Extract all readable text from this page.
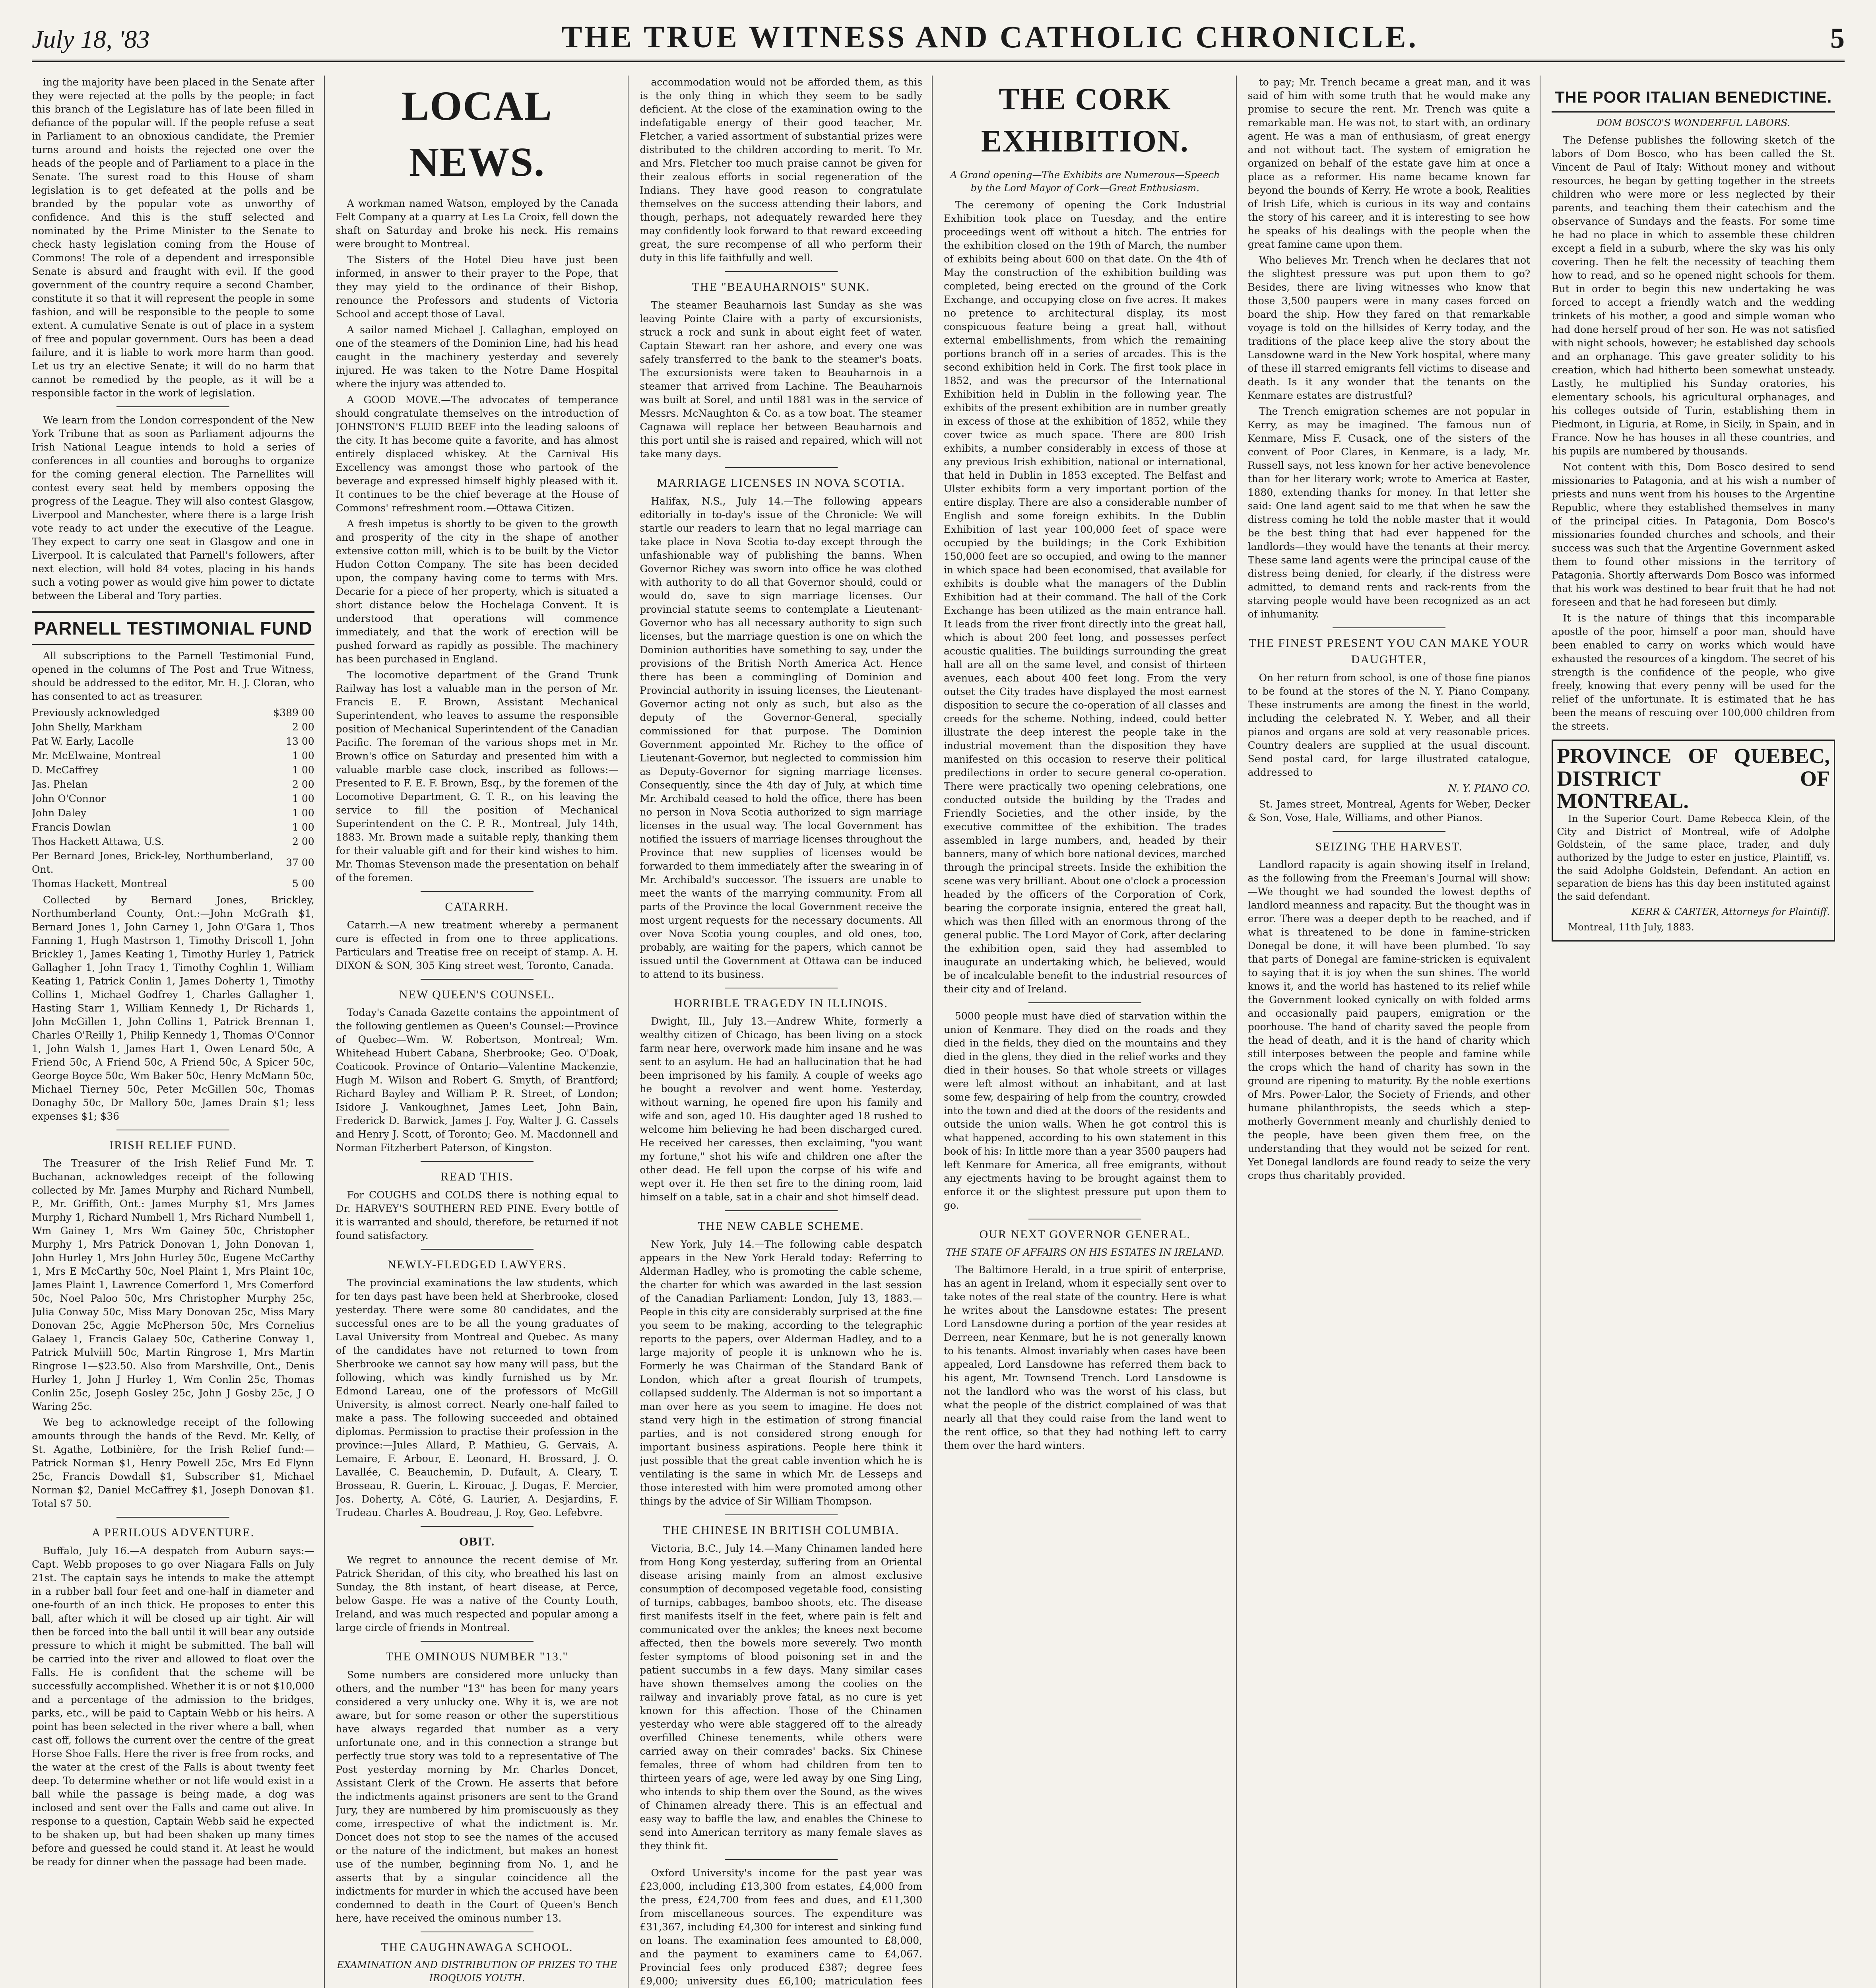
July 18, '83	THE TRUE WITNESS AND CATHOLIC CHRONICLE.	5

ing the majority have been placed in the Senate after they were rejected at the polls by the people; in fact this branch of the Legislature has of late been filled in defiance of the popular will. If the people refuse a seat in Parliament to an obnoxious candidate, the Premier turns around and hoists the rejected one over the heads of the people and of Parliament to a place in the Senate. The surest road to this House of sham legislation is to get defeated at the polls and be branded by the popular vote as unworthy of confidence. And this is the stuff selected and nominated by the Prime Minister to the Senate to check hasty legislation coming from the House of Commons! The role of a dependent and irresponsible Senate is absurd and fraught with evil. If the good government of the country require a second Chamber, constitute it so that it will represent the people in some fashion, and will be responsible to the people to some extent. A cumulative Senate is out of place in a system of free and popular government. Ours has been a dead failure, and it is liable to work more harm than good. Let us try an elective Senate; it will do no harm that cannot be remedied by the people, as it will be a responsible factor in the work of legislation.

We learn from the London correspondent of the New York Tribune that as soon as Parliament adjourns the Irish National League intends to hold a series of conferences in all counties and boroughs to organize for the coming general election. The Parnellites will contest every seat held by members opposing the progress of the League. They will also contest Glasgow, Liverpool and Manchester, where there is a large Irish vote ready to act under the executive of the League. They expect to carry one seat in Glasgow and one in Liverpool. It is calculated that Parnell's followers, after next election, will hold 84 votes, placing in his hands such a voting power as would give him power to dictate between the Liberal and Tory parties.

PARNELL TESTIMONIAL FUND

All subscriptions to the Parnell Testimonial Fund, opened in the columns of The Post and True Witness, should be addressed to the editor, Mr. H. J. Cloran, who has consented to act as treasurer.

Previously acknowledged	$389 00
John Shelly, Markham	2 00
Pat W. Early, Lacolle	13 00
Mr. McElwaine, Montreal	1 00
D. McCaffrey	1 00
Jas. Phelan	2 00
John O'Connor	1 00
John Daley	1 00
Francis Dowlan	1 00
Thos Hackett Attawa, U.S.	2 00
Per Bernard Jones, Brick-ley, Northumberland, Ont.	37 00
Thomas Hackett, Montreal	5 00

Collected by Bernard Jones, Brickley, Northumberland County, Ont.:—John McGrath $1, Bernard Jones 1, John Carney 1, John O'Gara 1, Thos Fanning 1, Hugh Mastrson 1, Timothy Driscoll 1, John Brickley 1, James Keating 1, Timothy Hurley 1, Patrick Gallagher 1, John Tracy 1, Timothy Coghlin 1, William Keating 1, Patrick Conlin 1, James Doherty 1, Timothy Collins 1, Michael Godfrey 1, Charles Gallagher 1, Hasting Starr 1, William Kennedy 1, Dr Richards 1, John McGillen 1, John Collins 1, Patrick Brennan 1, Charles O'Reilly 1, Philip Kennedy 1, Thomas O'Connor 1, John Walsh 1, James Hart 1, Owen Lenard 50c, A Friend 50c, A Friend 50c, A Friend 50c, A Spicer 50c, George Boyce 50c, Wm Baker 50c, Henry McMann 50c, Michael Tierney 50c, Peter McGillen 50c, Thomas Donaghy 50c, Dr Mallory 50c, James Drain $1; less expenses $1; $36

IRISH RELIEF FUND.

The Treasurer of the Irish Relief Fund Mr. T. Buchanan, acknowledges receipt of the following collected by Mr. James Murphy and Richard Numbell, P., Mr. Griffith, Ont.: James Murphy $1, Mrs James Murphy 1, Richard Numbell 1, Mrs Richard Numbell 1, Wm Gainey 1, Mrs Wm Gainey 50c, Christopher Murphy 1, Mrs Patrick Donovan 1, John Donovan 1, John Hurley 1, Mrs John Hurley 50c, Eugene McCarthy 1, Mrs E McCarthy 50c, Noel Plaint 1, Mrs Plaint 10c, James Plaint 1, Lawrence Comerford 1, Mrs Comerford 50c, Noel Paloo 50c, Mrs Christopher Murphy 25c, Julia Conway 50c, Miss Mary Donovan 25c, Miss Mary Donovan 25c, Aggie McPherson 50c, Mrs Cornelius Galaey 1, Francis Galaey 50c, Catherine Conway 1, Patrick Mulviill 50c, Martin Ringrose 1, Mrs Martin Ringrose 1—$23.50. Also from Marshville, Ont., Denis Hurley 1, John J Hurley 1, Wm Conlin 25c, Thomas Conlin 25c, Joseph Gosley 25c, John J Gosby 25c, J O Waring 25c.

We beg to acknowledge receipt of the following amounts through the hands of the Revd. Mr. Kelly, of St. Agathe, Lotbinière, for the Irish Relief fund:—Patrick Norman $1, Henry Powell 25c, Mrs Ed Flynn 25c, Francis Dowdall $1, Subscriber $1, Michael Norman $2, Daniel McCaffrey $1, Joseph Donovan $1. Total $7 50.

A PERILOUS ADVENTURE.

Buffalo, July 16.—A despatch from Auburn says:—Capt. Webb proposes to go over Niagara Falls on July 21st. The captain says he intends to make the attempt in a rubber ball four feet and one-half in diameter and one-fourth of an inch thick. He proposes to enter this ball, after which it will be closed up air tight. Air will then be forced into the ball until it will bear any outside pressure to which it might be submitted. The ball will be carried into the river and allowed to float over the Falls. He is confident that the scheme will be successfully accomplished. Whether it is or not $10,000 and a percentage of the admission to the bridges, parks, etc., will be paid to Captain Webb or his heirs. A point has been selected in the river where a ball, when cast off, follows the current over the centre of the great Horse Shoe Falls. Here the river is free from rocks, and the water at the crest of the Falls is about twenty feet deep. To determine whether or not life would exist in a ball while the passage is being made, a dog was inclosed and sent over the Falls and came out alive. In response to a question, Captain Webb said he expected to be shaken up, but had been shaken up many times before and guessed he could stand it. At least he would be ready for dinner when the passage had been made.

LOCAL NEWS.

A workman named Watson, employed by the Canada Felt Company at a quarry at Les La Croix, fell down the shaft on Saturday and broke his neck. His remains were brought to Montreal.

The Sisters of the Hotel Dieu have just been informed, in answer to their prayer to the Pope, that they may yield to the ordinance of their Bishop, renounce the Professors and students of Victoria School and accept those of Laval.

A sailor named Michael J. Callaghan, employed on one of the steamers of the Dominion Line, had his head caught in the machinery yesterday and severely injured. He was taken to the Notre Dame Hospital where the injury was attended to.

A GOOD MOVE.—The advocates of temperance should congratulate themselves on the introduction of JOHNSTON'S FLUID BEEF into the leading saloons of the city. It has become quite a favorite, and has almost entirely displaced whiskey. At the Carnival His Excellency was amongst those who partook of the beverage and expressed himself highly pleased with it. It continues to be the chief beverage at the House of Commons' refreshment room.—Ottawa Citizen.

A fresh impetus is shortly to be given to the growth and prosperity of the city in the shape of another extensive cotton mill, which is to be built by the Victor Hudon Cotton Company. The site has been decided upon, the company having come to terms with Mrs. Decarie for a piece of her property, which is situated a short distance below the Hochelaga Convent. It is understood that operations will commence immediately, and that the work of erection will be pushed forward as rapidly as possible. The machinery has been purchased in England.

The locomotive department of the Grand Trunk Railway has lost a valuable man in the person of Mr. Francis E. F. Brown, Assistant Mechanical Superintendent, who leaves to assume the responsible position of Mechanical Superintendent of the Canadian Pacific. The foreman of the various shops met in Mr. Brown's office on Saturday and presented him with a valuable marble case clock, inscribed as follows:—Presented to F. E. F. Brown, Esq., by the foremen of the Locomotive Department, G. T. R., on his leaving the service to fill the position of Mechanical Superintendent on the C. P. R., Montreal, July 14th, 1883. Mr. Brown made a suitable reply, thanking them for their valuable gift and for their kind wishes to him. Mr. Thomas Stevenson made the presentation on behalf of the foremen.

CATARRH.

Catarrh.—A new treatment whereby a permanent cure is effected in from one to three applications. Particulars and Treatise free on receipt of stamp. A. H. DIXON & SON, 305 King street west, Toronto, Canada.

NEW QUEEN'S COUNSEL.

Today's Canada Gazette contains the appointment of the following gentlemen as Queen's Counsel:—Province of Quebec—Wm. W. Robertson, Montreal; Wm. Whitehead Hubert Cabana, Sherbrooke; Geo. O'Doak, Coaticook. Province of Ontario—Valentine Mackenzie, Hugh M. Wilson and Robert G. Smyth, of Brantford; Richard Bayley and William P. R. Street, of London; Isidore J. Vankoughnet, James Leet, John Bain, Frederick D. Barwick, James J. Foy, Walter J. G. Cassels and Henry J. Scott, of Toronto; Geo. M. Macdonnell and Norman Fitzherbert Paterson, of Kingston.

READ THIS.

For COUGHS and COLDS there is nothing equal to Dr. HARVEY'S SOUTHERN RED PINE. Every bottle of it is warranted and should, therefore, be returned if not found satisfactory.

NEWLY-FLEDGED LAWYERS.

The provincial examinations the law students, which for ten days past have been held at Sherbrooke, closed yesterday. There were some 80 candidates, and the successful ones are to be all the young graduates of Laval University from Montreal and Quebec. As many of the candidates have not returned to town from Sherbrooke we cannot say how many will pass, but the following, which was kindly furnished us by Mr. Edmond Lareau, one of the professors of McGill University, is almost correct. Nearly one-half failed to make a pass. The following succeeded and obtained diplomas. Permission to practise their profession in the province:—Jules Allard, P. Mathieu, G. Gervais, A. Lemaire, F. Arbour, E. Leonard, H. Brossard, J. O. Lavallée, C. Beauchemin, D. Dufault, A. Cleary, T. Brosseau, R. Guerin, L. Kirouac, J. Dugas, F. Mercier, Jos. Doherty, A. Côté, G. Laurier, A. Desjardins, F. Trudeau. Charles A. Boudreau, J. Roy, Geo. Lefebvre.

OBIT.

We regret to announce the recent demise of Mr. Patrick Sheridan, of this city, who breathed his last on Sunday, the 8th instant, of heart disease, at Perce, below Gaspe. He was a native of the County Louth, Ireland, and was much respected and popular among a large circle of friends in Montreal.

THE OMINOUS NUMBER "13."

Some numbers are considered more unlucky than others, and the number "13" has been for many years considered a very unlucky one. Why it is, we are not aware, but for some reason or other the superstitious have always regarded that number as a very unfortunate one, and in this connection a strange but perfectly true story was told to a representative of The Post yesterday morning by Mr. Charles Doncet, Assistant Clerk of the Crown. He asserts that before the indictments against prisoners are sent to the Grand Jury, they are numbered by him promiscuously as they come, irrespective of what the indictment is. Mr. Doncet does not stop to see the names of the accused or the nature of the indictment, but makes an honest use of the number, beginning from No. 1, and he asserts that by a singular coincidence all the indictments for murder in which the accused have been condemned to death in the Court of Queen's Bench here, have received the ominous number 13.

THE CAUGHNAWAGA SCHOOL.
EXAMINATION AND DISTRIBUTION OF PRIZES TO THE IROQUOIS YOUTH.

accommodation would not be afforded them, as this is the only thing in which they seem to be sadly deficient. At the close of the examination owing to the indefatigable energy of their good teacher, Mr. Fletcher, a varied assortment of substantial prizes were distributed to the children according to merit. To Mr. and Mrs. Fletcher too much praise cannot be given for their zealous efforts in social regeneration of the Indians. They have good reason to congratulate themselves on the success attending their labors, and though, perhaps, not adequately rewarded here they may confidently look forward to that reward exceeding great, the sure recompense of all who perform their duty in this life faithfully and well.

THE "BEAUHARNOIS" SUNK.

The steamer Beauharnois last Sunday as she was leaving Pointe Claire with a party of excursionists, struck a rock and sunk in about eight feet of water. Captain Stewart ran her ashore, and every one was safely transferred to the bank to the steamer's boats. The excursionists were taken to Beauharnois in a steamer that arrived from Lachine. The Beauharnois was built at Sorel, and until 1881 was in the service of Messrs. McNaughton & Co. as a tow boat. The steamer Cagnawa will replace her between Beauharnois and this port until she is raised and repaired, which will not take many days.

MARRIAGE LICENSES IN NOVA SCOTIA.

Halifax, N.S., July 14.—The following appears editorially in to-day's issue of the Chronicle: We will startle our readers to learn that no legal marriage can take place in Nova Scotia to-day except through the unfashionable way of publishing the banns. When Governor Richey was sworn into office he was clothed with authority to do all that Governor should, could or would do, save to sign marriage licenses. Our provincial statute seems to contemplate a Lieutenant-Governor who has all necessary authority to sign such licenses, but the marriage question is one on which the Dominion authorities have something to say, under the provisions of the British North America Act. Hence there has been a commingling of Dominion and Provincial authority in issuing licenses, the Lieutenant-Governor acting not only as such, but also as the deputy of the Governor-General, specially commissioned for that purpose. The Dominion Government appointed Mr. Richey to the office of Lieutenant-Governor, but neglected to commission him as Deputy-Governor for signing marriage licenses. Consequently, since the 4th day of July, at which time Mr. Archibald ceased to hold the office, there has been no person in Nova Scotia authorized to sign marriage licenses in the usual way. The local Government has notified the issuers of marriage licenses throughout the Province that new supplies of licenses would be forwarded to them immediately after the swearing in of Mr. Archibald's successor. The issuers are unable to meet the wants of the marrying community. From all parts of the Province the local Government receive the most urgent requests for the necessary documents. All over Nova Scotia young couples, and old ones, too, probably, are waiting for the papers, which cannot be issued until the Government at Ottawa can be induced to attend to its business.

HORRIBLE TRAGEDY IN ILLINOIS.

Dwight, Ill., July 13.—Andrew White, formerly a wealthy citizen of Chicago, has been living on a stock farm near here, overwork made him insane and he was sent to an asylum. He had an hallucination that he had been imprisoned by his family. A couple of weeks ago he bought a revolver and went home. Yesterday, without warning, he opened fire upon his family and wife and son, aged 10. His daughter aged 18 rushed to welcome him believing he had been discharged cured. He received her caresses, then exclaiming, "you want my fortune," shot his wife and children one after the other dead. He fell upon the corpse of his wife and wept over it. He then set fire to the dining room, laid himself on a table, sat in a chair and shot himself dead.

THE NEW CABLE SCHEME.

New York, July 14.—The following cable despatch appears in the New York Herald today: Referring to Alderman Hadley, who is promoting the cable scheme, the charter for which was awarded in the last session of the Canadian Parliament: London, July 13, 1883.—People in this city are considerably surprised at the fine you seem to be making, according to the telegraphic reports to the papers, over Alderman Hadley, and to a large majority of people it is unknown who he is. Formerly he was Chairman of the Standard Bank of London, which after a great flourish of trumpets, collapsed suddenly. The Alderman is not so important a man over here as you seem to imagine. He does not stand very high in the estimation of strong financial parties, and is not considered strong enough for important business aspirations. People here think it just possible that the great cable invention which he is ventilating is the same in which Mr. de Lesseps and those interested with him were promoted among other things by the advice of Sir William Thompson.

THE CHINESE IN BRITISH COLUMBIA.

Victoria, B.C., July 14.—Many Chinamen landed here from Hong Kong yesterday, suffering from an Oriental disease arising mainly from an almost exclusive consumption of decomposed vegetable food, consisting of turnips, cabbages, bamboo shoots, etc. The disease first manifests itself in the feet, where pain is felt and communicated over the ankles; the knees next become affected, then the bowels more severely. Two month fester symptoms of blood poisoning set in and the patient succumbs in a few days. Many similar cases have shown themselves among the coolies on the railway and invariably prove fatal, as no cure is yet known for this affection. Those of the Chinamen yesterday who were able staggered off to the already overfilled Chinese tenements, while others were carried away on their comrades' backs. Six Chinese females, three of whom had children from ten to thirteen years of age, were led away by one Sing Ling, who intends to ship them over the Sound, as the wives of Chinamen already there. This is an effectual and easy way to baffle the law, and enables the Chinese to send into American territory as many female slaves as they think fit.

Oxford University's income for the past year was £23,000, including £13,300 from estates, £4,000 from the press, £24,700 from fees and dues, and £11,300 from miscellaneous sources. The expenditure was £31,367, including £4,300 for interest and sinking fund on loans. The examination fees amounted to £8,000, and the payment to examiners came to £4,067. Provincial fees only produced £387; degree fees £9,000; university dues £6,100; matriculation fees

THE CORK EXHIBITION.
A Grand opening—The Exhibits are Numerous—Speech by the Lord Mayor of Cork—Great Enthusiasm.

The ceremony of opening the Cork Industrial Exhibition took place on Tuesday, and the entire proceedings went off without a hitch. The entries for the exhibition closed on the 19th of March, the number of exhibits being about 600 on that date. On the 4th of May the construction of the exhibition building was completed, being erected on the ground of the Cork Exchange, and occupying close on five acres. It makes no pretence to architectural display, its most conspicuous feature being a great hall, without external embellishments, from which the remaining portions branch off in a series of arcades. This is the second exhibition held in Cork. The first took place in 1852, and was the precursor of the International Exhibition held in Dublin in the following year. The exhibits of the present exhibition are in number greatly in excess of those at the exhibition of 1852, while they cover twice as much space. There are 800 Irish exhibits, a number considerably in excess of those at any previous Irish exhibition, national or international, that held in Dublin in 1853 excepted. The Belfast and Ulster exhibits form a very important portion of the entire display. There are also a considerable number of English and some foreign exhibits. In the Dublin Exhibition of last year 100,000 feet of space were occupied by the buildings; in the Cork Exhibition 150,000 feet are so occupied, and owing to the manner in which space had been economised, that available for exhibits is double what the managers of the Dublin Exhibition had at their command. The hall of the Cork Exchange has been utilized as the main entrance hall. It leads from the river front directly into the great hall, which is about 200 feet long, and possesses perfect acoustic qualities. The buildings surrounding the great hall are all on the same level, and consist of thirteen avenues, each about 400 feet long. From the very outset the City trades have displayed the most earnest disposition to secure the co-operation of all classes and creeds for the scheme. Nothing, indeed, could better illustrate the deep interest the people take in the industrial movement than the disposition they have manifested on this occasion to reserve their political predilections in order to secure general co-operation. There were practically two opening celebrations, one conducted outside the building by the Trades and Friendly Societies, and the other inside, by the executive committee of the exhibition. The trades assembled in large numbers, and, headed by their banners, many of which bore national devices, marched through the principal streets. Inside the exhibition the scene was very brilliant. About one o'clock a procession headed by the officers of the Corporation of Cork, bearing the corporate insignia, entered the great hall, which was then filled with an enormous throng of the general public. The Lord Mayor of Cork, after declaring the exhibition open, said they had assembled to inaugurate an undertaking which, he believed, would be of incalculable benefit to the industrial resources of their city and of Ireland.

5000 people must have died of starvation within the union of Kenmare. They died on the roads and they died in the fields, they died on the mountains and they died in the glens, they died in the relief works and they died in their houses. So that whole streets or villages were left almost without an inhabitant, and at last some few, despairing of help from the country, crowded into the town and died at the doors of the residents and outside the union walls. When he got control this is what happened, according to his own statement in this book of his: In little more than a year 3500 paupers had left Kenmare for America, all free emigrants, without any ejectments having to be brought against them to enforce it or the slightest pressure put upon them to go.

OUR NEXT GOVERNOR GENERAL.
THE STATE OF AFFAIRS ON HIS ESTATES IN IRELAND.

The Baltimore Herald, in a true spirit of enterprise, has an agent in Ireland, whom it especially sent over to take notes of the real state of the country. Here is what he writes about the Lansdowne estates: The present Lord Lansdowne during a portion of the year resides at Derreen, near Kenmare, but he is not generally known to his tenants. Almost invariably when cases have been appealed, Lord Lansdowne has referred them back to his agent, Mr. Townsend Trench. Lord Lansdowne is not the landlord who was the worst of his class, but what the people of the district complained of was that nearly all that they could raise from the land went to the rent office, so that they had nothing left to carry them over the hard winters.

to pay; Mr. Trench became a great man, and it was said of him with some truth that he would make any promise to secure the rent. Mr. Trench was quite a remarkable man. He was not, to start with, an ordinary agent. He was a man of enthusiasm, of great energy and not without tact. The system of emigration he organized on behalf of the estate gave him at once a place as a reformer. His name became known far beyond the bounds of Kerry. He wrote a book, Realities of Irish Life, which is curious in its way and contains the story of his career, and it is interesting to see how he speaks of his dealings with the people when the great famine came upon them.

Who believes Mr. Trench when he declares that not the slightest pressure was put upon them to go? Besides, there are living witnesses who know that those 3,500 paupers were in many cases forced on board the ship. How they fared on that remarkable voyage is told on the hillsides of Kerry today, and the traditions of the place keep alive the story about the Lansdowne ward in the New York hospital, where many of these ill starred emigrants fell victims to disease and death. Is it any wonder that the tenants on the Kenmare estates are distrustful?

The Trench emigration schemes are not popular in Kerry, as may be imagined. The famous nun of Kenmare, Miss F. Cusack, one of the sisters of the convent of Poor Clares, in Kenmare, is a lady, Mr. Russell says, not less known for her active benevolence than for her literary work; wrote to America at Easter, 1880, extending thanks for money. In that letter she said: One land agent said to me that when he saw the distress coming he told the noble master that it would be the best thing that had ever happened for the landlords—they would have the tenants at their mercy. These same land agents were the principal cause of the distress being denied, for clearly, if the distress were admitted, to demand rents and rack-rents from the starving people would have been recognized as an act of inhumanity.

THE FINEST PRESENT YOU CAN MAKE YOUR DAUGHTER,

On her return from school, is one of those fine pianos to be found at the stores of the N. Y. Piano Company. These instruments are among the finest in the world, including the celebrated N. Y. Weber, and all their pianos and organs are sold at very reasonable prices. Country dealers are supplied at the usual discount. Send postal card, for large illustrated catalogue, addressed to

N. Y. PIANO CO.

St. James street, Montreal, Agents for Weber, Decker & Son, Vose, Hale, Williams, and other Pianos.

SEIZING THE HARVEST.

Landlord rapacity is again showing itself in Ireland, as the following from the Freeman's Journal will show:—We thought we had sounded the lowest depths of landlord meanness and rapacity. But the thought was in error. There was a deeper depth to be reached, and if what is threatened to be done in famine-stricken Donegal be done, it will have been plumbed. To say that parts of Donegal are famine-stricken is equivalent to saying that it is joy when the sun shines. The world knows it, and the world has hastened to its relief while the Government looked cynically on with folded arms and occasionally paid paupers, emigration or the poorhouse. The hand of charity saved the people from the head of death, and it is the hand of charity which still interposes between the people and famine while the crops which the hand of charity has sown in the ground are ripening to maturity. By the noble exertions of Mrs. Power-Lalor, the Society of Friends, and other humane philanthropists, the seeds which a step-motherly Government meanly and churlishly denied to the people, have been given them free, on the understanding that they would not be seized for rent. Yet Donegal landlords are found ready to seize the very crops thus charitably provided.

THE POOR ITALIAN BENEDICTINE.
DOM BOSCO'S WONDERFUL LABORS.

The Defense publishes the following sketch of the labors of Dom Bosco, who has been called the St. Vincent de Paul of Italy: Without money and without resources, he began by getting together in the streets children who were more or less neglected by their parents, and teaching them their catechism and the observance of Sundays and the feasts. For some time he had no place in which to assemble these children except a field in a suburb, where the sky was his only covering. Then he felt the necessity of teaching them how to read, and so he opened night schools for them. But in order to begin this new undertaking he was forced to accept a friendly watch and the wedding trinkets of his mother, a good and simple woman who had done herself proud of her son. He was not satisfied with night schools, however; he established day schools and an orphanage. This gave greater solidity to his creation, which had hitherto been somewhat unsteady. Lastly, he multiplied his Sunday oratories, his elementary schools, his agricultural orphanages, and his colleges outside of Turin, establishing them in Piedmont, in Liguria, at Rome, in Sicily, in Spain, and in France. Now he has houses in all these countries, and his pupils are numbered by thousands.

Not content with this, Dom Bosco desired to send missionaries to Patagonia, and at his wish a number of priests and nuns went from his houses to the Argentine Republic, where they established themselves in many of the principal cities. In Patagonia, Dom Bosco's missionaries founded churches and schools, and their success was such that the Argentine Government asked them to found other missions in the territory of Patagonia. Shortly afterwards Dom Bosco was informed that his work was destined to bear fruit that he had not foreseen and that he had foreseen but dimly.

It is the nature of things that this incomparable apostle of the poor, himself a poor man, should have been enabled to carry on works which would have exhausted the resources of a kingdom. The secret of his strength is the confidence of the people, who give freely, knowing that every penny will be used for the relief of the unfortunate. It is estimated that he has been the means of rescuing over 100,000 children from the streets.

PROVINCE OF QUEBEC, DISTRICT OF MONTREAL.

In the Superior Court. Dame Rebecca Klein, of the City and District of Montreal, wife of Adolphe Goldstein, of the same place, trader, and duly authorized by the Judge to ester en justice, Plaintiff, vs. the said Adolphe Goldstein, Defendant. An action en separation de biens has this day been instituted against the said defendant.

KERR & CARTER, Attorneys for Plaintiff.

Montreal, 11th July, 1883.
